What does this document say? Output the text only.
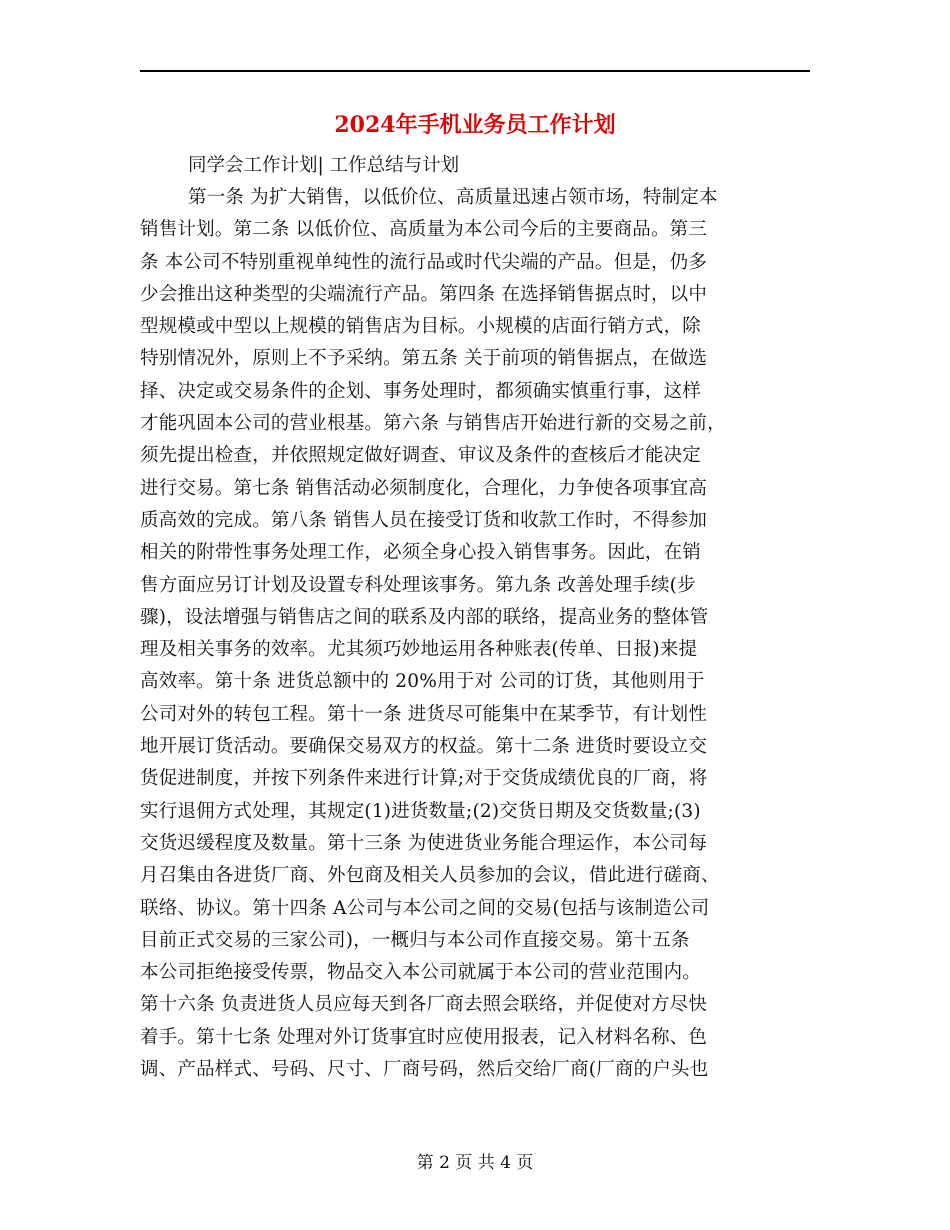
2024年手机业务员工作计划
同学会工作计划| 工作总结与计划
第一条 为扩大销售，以低价位、高质量迅速占领市场，特制定本
销售计划。第二条 以低价位、高质量为本公司今后的主要商品。第三
条 本公司不特别重视单纯性的流行品或时代尖端的产品。但是，仍多
少会推出这种类型的尖端流行产品。第四条 在选择销售据点时，以中
型规模或中型以上规模的销售店为目标。小规模的店面行销方式，除
特别情况外，原则上不予采纳。第五条 关于前项的销售据点，在做选
择、决定或交易条件的企划、事务处理时，都须确实慎重行事，这样
才能巩固本公司的营业根基。第六条 与销售店开始进行新的交易之前，
须先提出检查，并依照规定做好调查、审议及条件的查核后才能决定
进行交易。第七条 销售活动必须制度化，合理化，力争使各项事宜高
质高效的完成。第八条 销售人员在接受订货和收款工作时，不得参加
相关的附带性事务处理工作，必须全身心投入销售事务。因此，在销
售方面应另订计划及设置专科处理该事务。第九条 改善处理手续(步
骤)，设法增强与销售店之间的联系及内部的联络，提高业务的整体管
理及相关事务的效率。尤其须巧妙地运用各种账表(传单、日报)来提
高效率。第十条 进货总额中的 20%用于对 公司的订货，其他则用于
公司对外的转包工程。第十一条 进货尽可能集中在某季节，有计划性
地开展订货活动。要确保交易双方的权益。第十二条 进货时要设立交
货促进制度，并按下列条件来进行计算;对于交货成绩优良的厂商，将
实行退佣方式处理，其规定(1)进货数量;(2)交货日期及交货数量;(3)
交货迟缓程度及数量。第十三条 为使进货业务能合理运作，本公司每
月召集由各进货厂商、外包商及相关人员参加的会议，借此进行磋商、
联络、协议。第十四条 A公司与本公司之间的交易(包括与该制造公司
目前正式交易的三家公司)，一概归与本公司作直接交易。第十五条
本公司拒绝接受传票，物品交入本公司就属于本公司的营业范围内。
第十六条 负责进货人员应每天到各厂商去照会联络，并促使对方尽快
着手。第十七条 处理对外订货事宜时应使用报表，记入材料名称、色
调、产品样式、号码、尺寸、厂商号码，然后交给厂商(厂商的户头也
第 2 页 共 4 页
